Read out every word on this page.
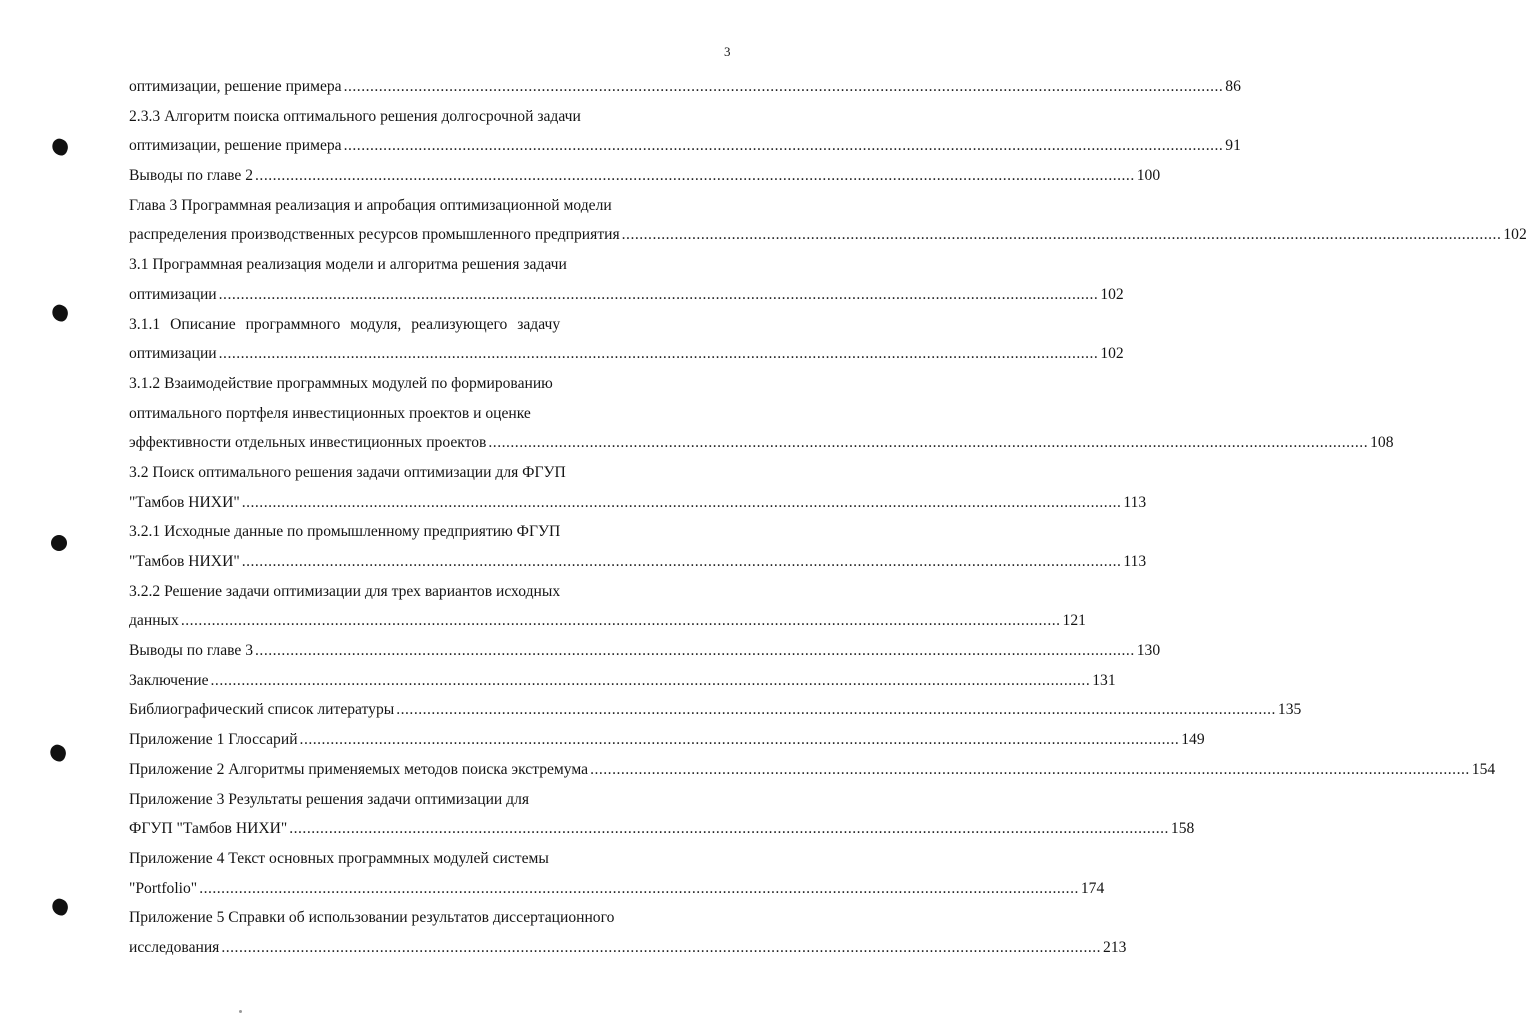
3
оптимизации, решение примера ........................................................................................................................................................................................................ 86
2.3.3 Алгоритм поиска оптимального решения долгосрочной задачи
оптимизации, решение примера ........................................................................................................................................................................................................ 91
Выводы по главе 2 ........................................................................................................................................................................................................ 100
Глава 3 Программная реализация и апробация оптимизационной модели
распределения производственных ресурсов промышленного предприятия ........................................................................................................................................................................................................ 102
3.1 Программная реализация модели и алгоритма решения задачи
оптимизации ........................................................................................................................................................................................................ 102
3.1.1 Описание программного модуля, реализующего задачу
оптимизации ........................................................................................................................................................................................................ 102
3.1.2 Взаимодействие программных модулей по формированию
оптимального портфеля инвестиционных проектов и оценке
эффективности отдельных инвестиционных проектов ........................................................................................................................................................................................................ 108
3.2 Поиск оптимального решения задачи оптимизации для ФГУП
"Тамбов НИХИ" ........................................................................................................................................................................................................ 113
3.2.1 Исходные данные по промышленному предприятию ФГУП
"Тамбов НИХИ" ........................................................................................................................................................................................................ 113
3.2.2 Решение задачи оптимизации для трех вариантов исходных
данных ........................................................................................................................................................................................................ 121
Выводы по главе 3 ........................................................................................................................................................................................................ 130
Заключение ........................................................................................................................................................................................................ 131
Библиографический список литературы ........................................................................................................................................................................................................ 135
Приложение 1 Глоссарий ........................................................................................................................................................................................................ 149
Приложение 2 Алгоритмы применяемых методов поиска экстремума ........................................................................................................................................................................................................ 154
Приложение 3 Результаты решения задачи оптимизации для
ФГУП "Тамбов НИХИ" ........................................................................................................................................................................................................ 158
Приложение 4 Текст основных программных модулей системы
"Portfolio" ........................................................................................................................................................................................................ 174
Приложение 5 Справки об использовании результатов диссертационного
исследования ........................................................................................................................................................................................................ 213
